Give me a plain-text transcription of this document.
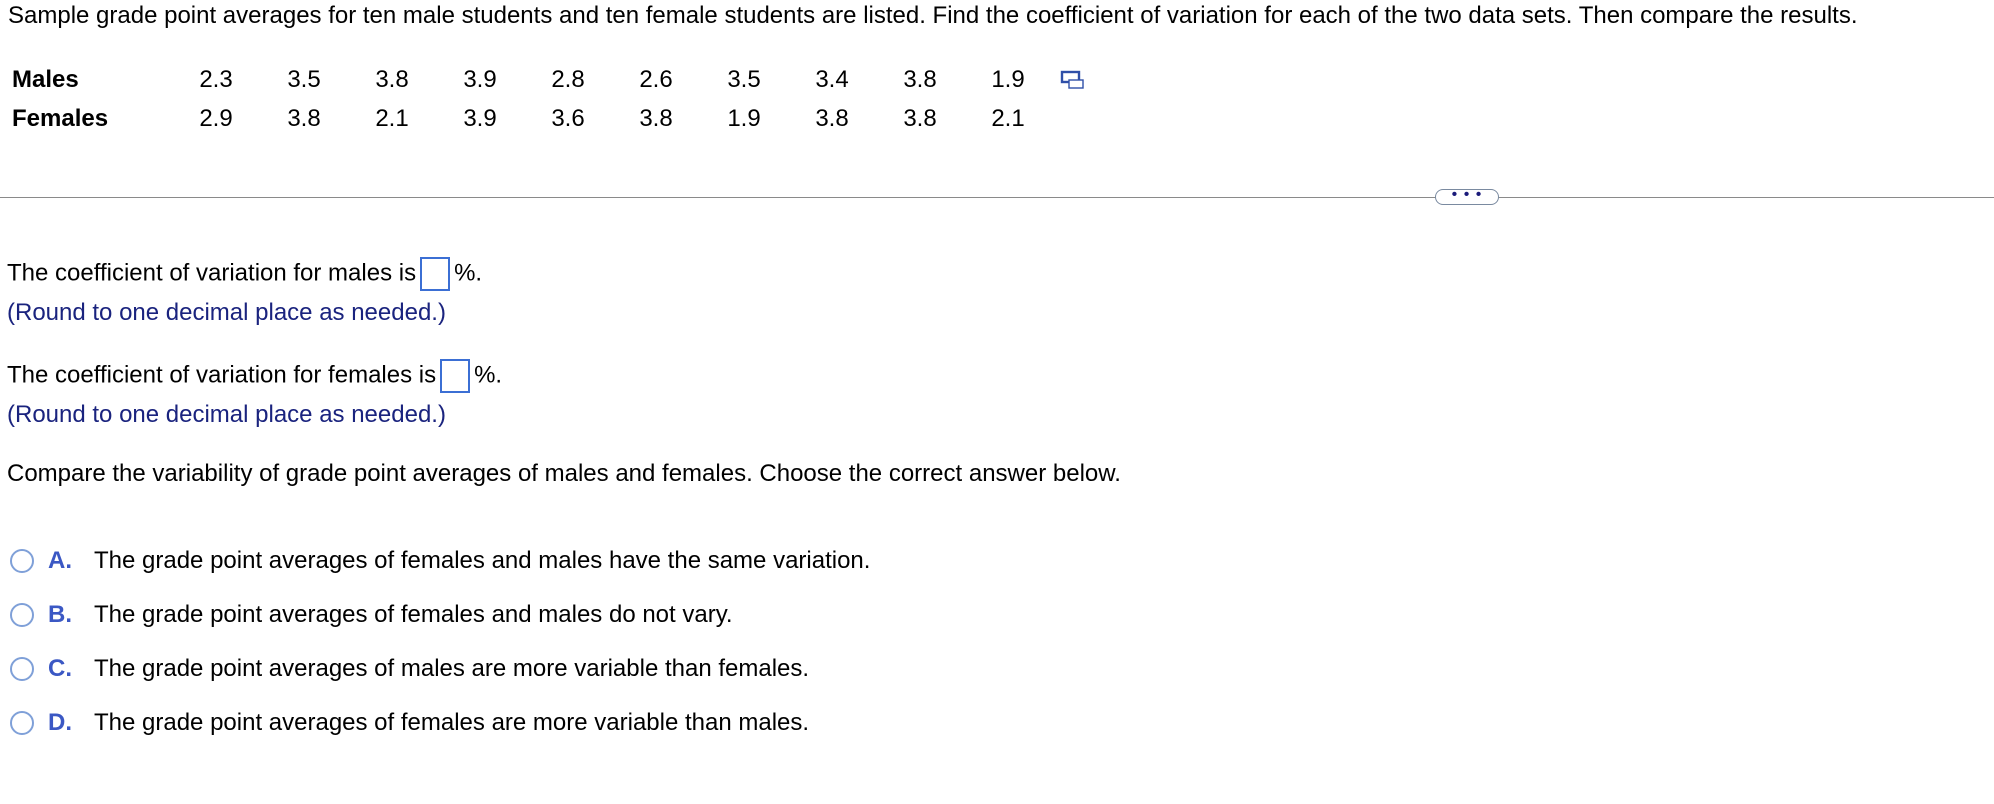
Sample grade point averages for ten male students and ten female students are listed. Find the coefficient of variation for each of the two data sets. Then compare the results.
Males	2.3	3.5	3.8	3.9	2.8	2.6	3.5	3.4	3.8	1.9
Females	2.9	3.8	2.1	3.9	3.6	3.8	1.9	3.8	3.8	2.1
• • •
The coefficient of variation for males is %.
(Round to one decimal place as needed.)
The coefficient of variation for females is %.
(Round to one decimal place as needed.)
Compare the variability of grade point averages of males and females. Choose the correct answer below.
A. The grade point averages of females and males have the same variation.
B. The grade point averages of females and males do not vary.
C. The grade point averages of males are more variable than females.
D. The grade point averages of females are more variable than males.
